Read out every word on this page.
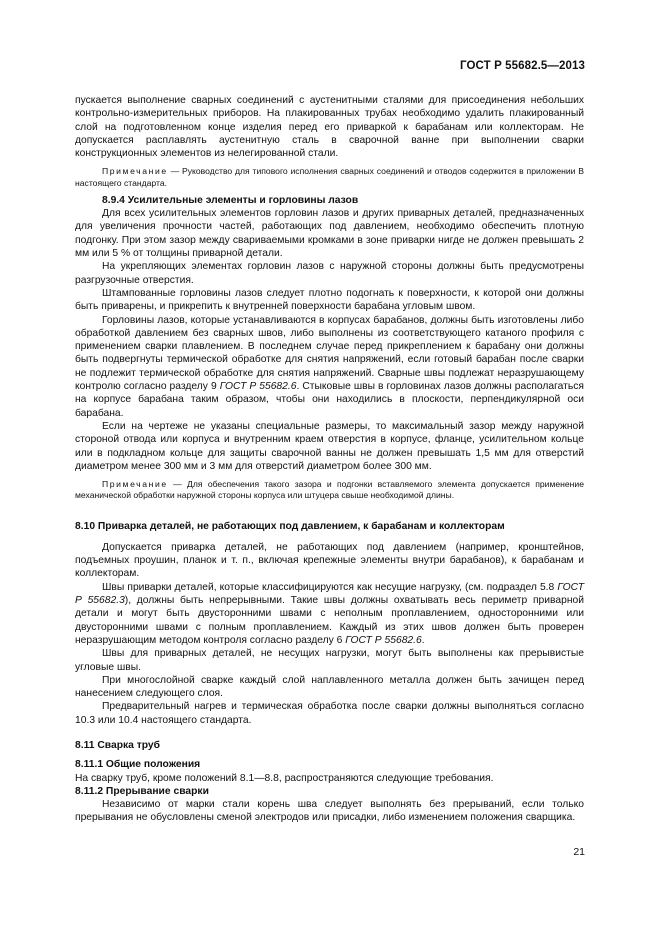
ГОСТ Р 55682.5—2013

пускается выполнение сварных соединений с аустенитными сталями для присоединения небольших контрольно-измерительных приборов. На плакированных трубах необходимо удалить плакированный слой на подготовленном конце изделия перед его приваркой к барабанам или коллекторам. Не допускается расплавлять аустенитную сталь в сварочной ванне при выполнении сварки конструкционных элементов из нелегированной стали.

Примечание — Руководство для типового исполнения сварных соединений и отводов содержится в приложении В настоящего стандарта.

8.9.4 Усилительные элементы и горловины лазов

Для всех усилительных элементов горловин лазов и других приварных деталей, предназначенных для увеличения прочности частей, работающих под давлением, необходимо обеспечить плотную подгонку. При этом зазор между свариваемыми кромками в зоне приварки нигде не должен превышать 2 мм или 5 % от толщины приварной детали.

На укрепляющих элементах горловин лазов с наружной стороны должны быть предусмотрены разгрузочные отверстия.

Штампованные горловины лазов следует плотно подогнать к поверхности, к которой они должны быть приварены, и прикрепить к внутренней поверхности барабана угловым швом.

Горловины лазов, которые устанавливаются в корпусах барабанов, должны быть изготовлены либо обработкой давлением без сварных швов, либо выполнены из соответствующего катаного профиля с применением сварки плавлением. В последнем случае перед прикреплением к барабану они должны быть подвергнуты термической обработке для снятия напряжений, если готовый барабан после сварки не подлежит термической обработке для снятия напряжений. Сварные швы подлежат неразрушающему контролю согласно разделу 9 ГОСТ Р 55682.6. Стыковые швы в горловинах лазов должны располагаться на корпусе барабана таким образом, чтобы они находились в плоскости, перпендикулярной оси барабана.

Если на чертеже не указаны специальные размеры, то максимальный зазор между наружной стороной отвода или корпуса и внутренним краем отверстия в корпусе, фланце, усилительном кольце или в подкладном кольце для защиты сварочной ванны не должен превышать 1,5 мм для отверстий диаметром менее 300 мм и 3 мм для отверстий диаметром более 300 мм.

Примечание — Для обеспечения такого зазора и подгонки вставляемого элемента допускается применение механической обработки наружной стороны корпуса или штуцера свыше необходимой длины.

8.10 Приварка деталей, не работающих под давлением, к барабанам и коллекторам

Допускается приварка деталей, не работающих под давлением (например, кронштейнов, подъемных проушин, планок и т. п., включая крепежные элементы внутри барабанов), к барабанам и коллекторам.

Швы приварки деталей, которые классифицируются как несущие нагрузку, (см. подраздел 5.8 ГОСТ Р 55682.3), должны быть непрерывными. Такие швы должны охватывать весь периметр приварной детали и могут быть двусторонними швами с неполным проплавлением, односторонними или двусторонними швами с полным проплавлением. Каждый из этих швов должен быть проверен неразрушающим методом контроля согласно разделу 6 ГОСТ Р 55682.6.

Швы для приварных деталей, не несущих нагрузки, могут быть выполнены как прерывистые угловые швы.

При многослойной сварке каждый слой наплавленного металла должен быть зачищен перед нанесением следующего слоя.

Предварительный нагрев и термическая обработка после сварки должны выполняться согласно 10.3 или 10.4 настоящего стандарта.

8.11 Сварка труб

8.11.1 Общие положения

На сварку труб, кроме положений 8.1—8.8, распространяются следующие требования.

8.11.2 Прерывание сварки

Независимо от марки стали корень шва следует выполнять без прерываний, если только прерывания не обусловлены сменой электродов или присадки, либо изменением положения сварщика.

21
